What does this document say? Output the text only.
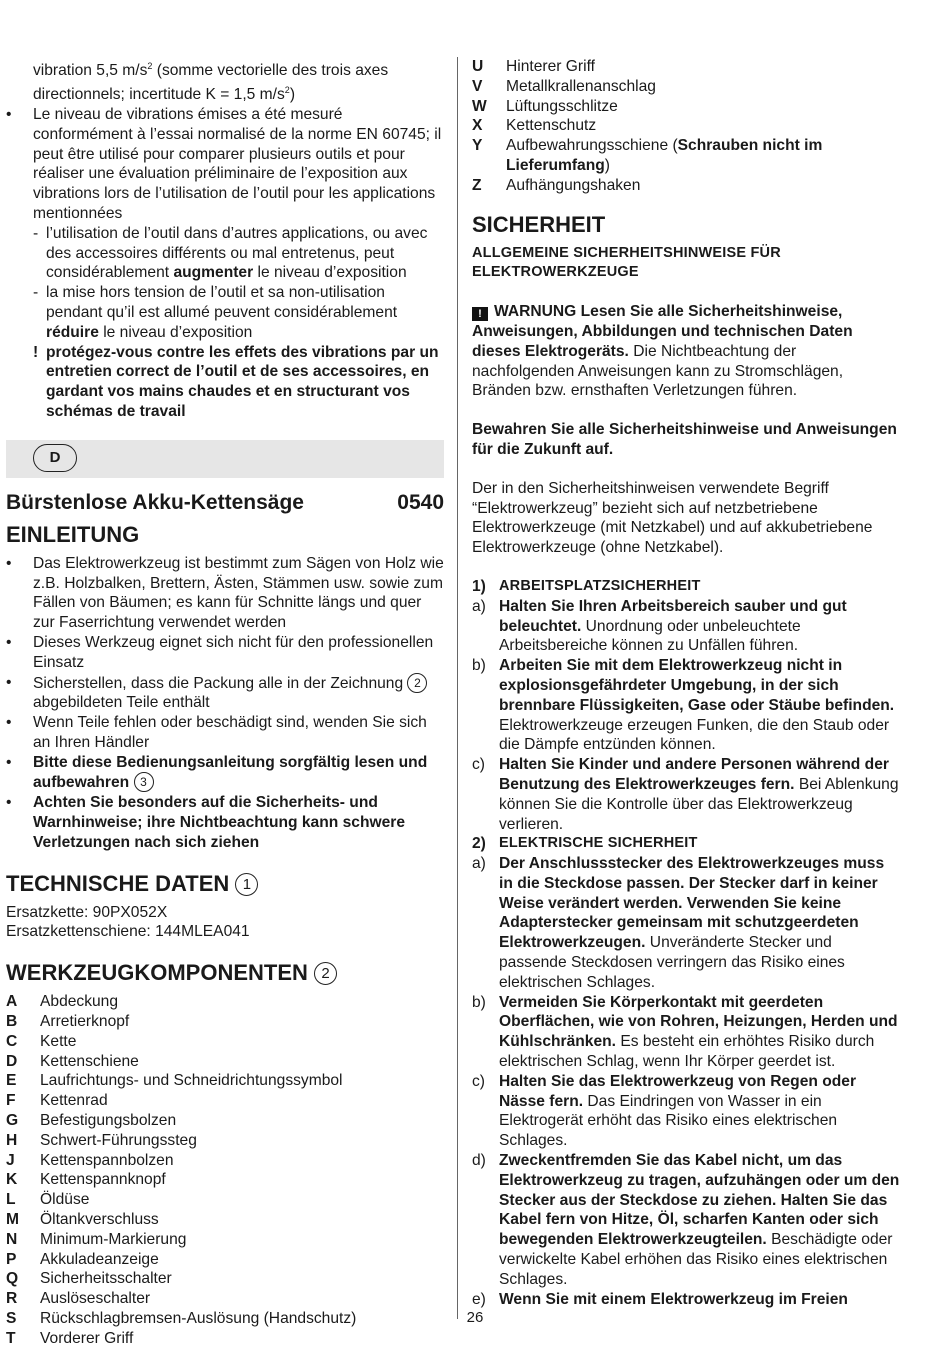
vibration 5,5 $m/s^2$ (somme vectorielle des trois axes

directionnels; incertitude K = 1,5 $m/s^2$)

• Le niveau de vibrations émises a été mesuré conformément à l’essai normalisé de la norme EN 60745; il peut être utilisé pour comparer plusieurs outils et pour réaliser une évaluation préliminaire de l’exposition aux vibrations lors de l’utilisation de l’outil pour les applications mentionnées

- l’utilisation de l’outil dans d’autres applications, ou avec des accessoires différents ou mal entretenus, peut considérablement augmenter le niveau d’exposition

- la mise hors tension de l’outil et sa non-utilisation pendant qu’il est allumé peuvent considérablement réduire le niveau d’exposition

! protégez-vous contre les effets des vibrations par un entretien correct de l’outil et de ses accessoires, en gardant vos mains chaudes et en structurant vos schémas de travail

D
Bürstenlose Akku-Kettensäge	0540
EINLEITUNG

• Das Elektrowerkzeug ist bestimmt zum Sägen von Holz wie z.B. Holzbalken, Brettern, Ästen, Stämmen usw. sowie zum Fällen von Bäumen; es kann für Schnitte längs und quer zur Faserrichtung verwendet werden

• Dieses Werkzeug eignet sich nicht für den professionellen Einsatz

• Sicherstellen, dass die Packung alle in der Zeichnung 2 abgebildeten Teile enthält

• Wenn Teile fehlen oder beschädigt sind, wenden Sie sich an Ihren Händler

• Bitte diese Bedienungsanleitung sorgfältig lesen und aufbewahren 3

• Achten Sie besonders auf die Sicherheits- und Warnhinweise; ihre Nichtbeachtung kann schwere Verletzungen nach sich ziehen

TECHNISCHE DATEN 1

Ersatzkette: 90PX052X

Ersatzkettenschiene: 144MLEA041

WERKZEUGKOMPONENTEN 2
A	Abdeckung
B	Arretierknopf
C	Kette
D	Kettenschiene
E	Laufrichtungs- und Schneidrichtungssymbol
F	Kettenrad
G	Befestigungsbolzen
H	Schwert-Führungssteg
J	Kettenspannbolzen
K	Kettenspannknopf
L	Öldüse
M	Öltankverschluss
N	Minimum-Markierung
P	Akkuladeanzeige
Q	Sicherheitsschalter
R	Auslöseschalter
S	Rückschlagbremsen-Auslösung (Handschutz)
T	Vorderer Griff
U	Hinterer Griff
V	Metallkrallenanschlag
W	Lüftungsschlitze
X	Kettenschutz
Y	Aufbewahrungsschiene (Schrauben nicht im Lieferumfang)
Z	Aufhängungshaken
SICHERHEIT
ALLGEMEINE SICHERHEITSHINWEISE FÜR ELEKTROWERKZEUGE

! WARNUNG Lesen Sie alle Sicherheitshinweise, Anweisungen, Abbildungen und technischen Daten dieses Elektrogeräts. Die Nichtbeachtung der nachfolgenden Anweisungen kann zu Stromschlägen, Bränden bzw. ernsthaften Verletzungen führen.

Bewahren Sie alle Sicherheitshinweise und Anweisungen für die Zukunft auf.

Der in den Sicherheitshinweisen verwendete Begriff “Elektrowerkzeug” bezieht sich auf netzbetriebene Elektrowerkzeuge (mit Netzkabel) und auf akkubetriebene Elektrowerkzeuge (ohne Netzkabel).

1) ARBEITSPLATZSICHERHEIT
a) Halten Sie Ihren Arbeitsbereich sauber und gut beleuchtet. Unordnung oder unbeleuchtete Arbeitsbereiche können zu Unfällen führen.
b) Arbeiten Sie mit dem Elektrowerkzeug nicht in explosionsgefährdeter Umgebung, in der sich brennbare Flüssigkeiten, Gase oder Stäube befinden. Elektrowerkzeuge erzeugen Funken, die den Staub oder die Dämpfe entzünden können.
c) Halten Sie Kinder und andere Personen während der Benutzung des Elektrowerkzeuges fern. Bei Ablenkung können Sie die Kontrolle über das Elektrowerkzeug verlieren.
2) ELEKTRISCHE SICHERHEIT
a) Der Anschlussstecker des Elektrowerkzeuges muss in die Steckdose passen. Der Stecker darf in keiner Weise verändert werden. Verwenden Sie keine Adapterstecker gemeinsam mit schutzgeerdeten Elektrowerkzeugen. Unveränderte Stecker und passende Steckdosen verringern das Risiko eines elektrischen Schlages.
b) Vermeiden Sie Körperkontakt mit geerdeten Oberflächen, wie von Rohren, Heizungen, Herden und Kühlschränken. Es besteht ein erhöhtes Risiko durch elektrischen Schlag, wenn Ihr Körper geerdet ist.
c) Halten Sie das Elektrowerkzeug von Regen oder Nässe fern. Das Eindringen von Wasser in ein Elektrogerät erhöht das Risiko eines elektrischen Schlages.
d) Zweckentfremden Sie das Kabel nicht, um das Elektrowerkzeug zu tragen, aufzuhängen oder um den Stecker aus der Steckdose zu ziehen. Halten Sie das Kabel fern von Hitze, Öl, scharfen Kanten oder sich bewegenden Elektrowerkzeugteilen. Beschädigte oder verwickelte Kabel erhöhen das Risiko eines elektrischen Schlages.
e) Wenn Sie mit einem Elektrowerkzeug im Freien
26
